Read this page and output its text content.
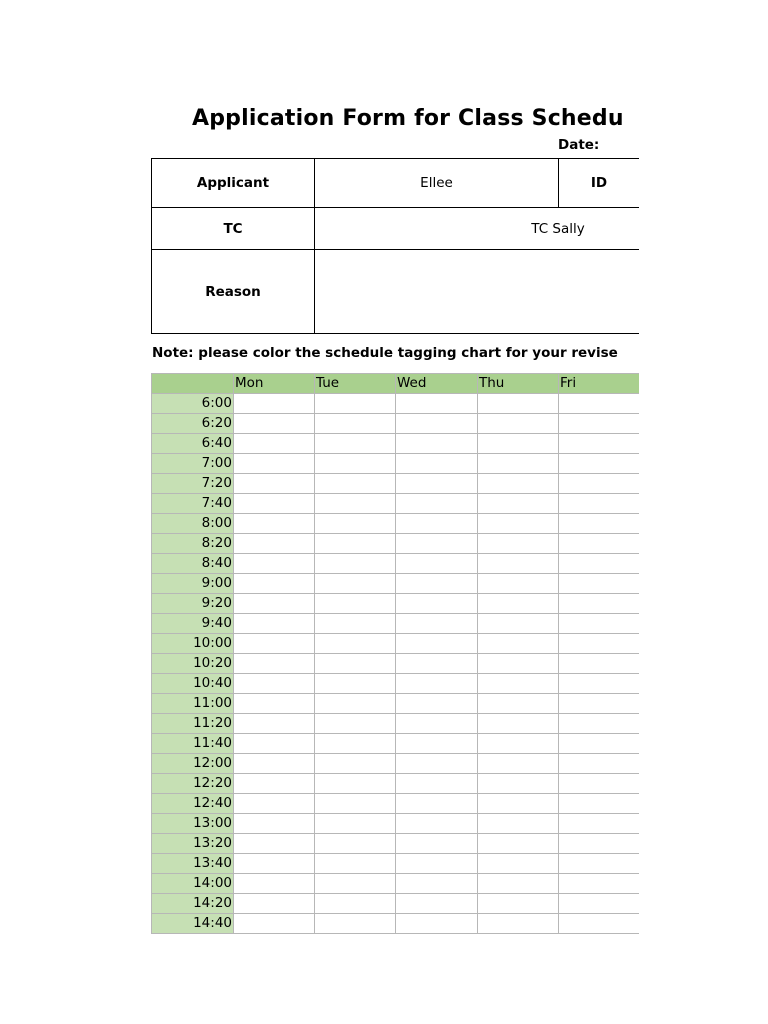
Application Form for Class Schedu
Date:
Applicant	Ellee	ID
TC	TC Sally
Reason
Note: please color the schedule tagging chart for your revise
	Mon	Tue	Wed	Thu	Fri
6:00					
6:20					
6:40					
7:00					
7:20					
7:40					
8:00					
8:20					
8:40					
9:00					
9:20					
9:40					
10:00					
10:20					
10:40					
11:00					
11:20					
11:40					
12:00					
12:20					
12:40					
13:00					
13:20					
13:40					
14:00					
14:20					
14:40					
